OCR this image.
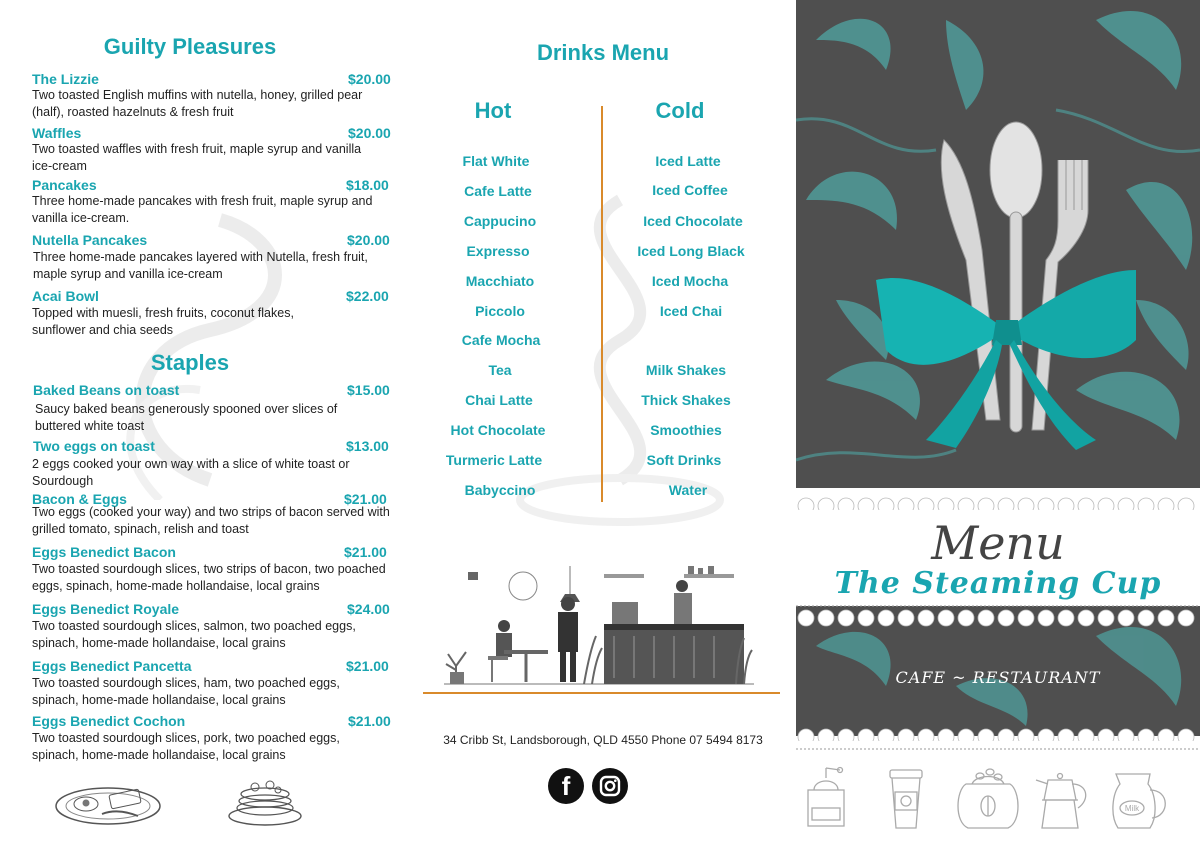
Guilty Pleasures
The Lizzie	$20.00
Two toasted English muffins with nutella, honey, grilled pear (half), roasted hazelnuts & fresh fruit
Waffles	$20.00
Two toasted waffles with fresh fruit, maple syrup and vanilla ice-cream
Pancakes	$18.00
Three home-made pancakes with fresh fruit, maple syrup and vanilla ice-cream.
Nutella Pancakes	$20.00
Three home-made pancakes layered with Nutella, fresh fruit, maple syrup and vanilla ice-cream
Acai Bowl	$22.00
Topped with muesli, fresh fruits, coconut flakes, sunflower and chia seeds
Staples
Baked Beans on toast	$15.00
Saucy baked beans generously spooned over slices of buttered white toast
Two eggs on toast	$13.00
2 eggs cooked your own way with a slice of white toast or Sourdough
Bacon & Eggs	$21.00
Two eggs (cooked your way) and two strips of bacon served with grilled tomato, spinach, relish and toast
Eggs Benedict Bacon	$21.00
Two toasted sourdough slices, two strips of bacon, two poached eggs, spinach, home-made hollandaise, local grains
Eggs Benedict Royale	$24.00
Two toasted sourdough slices, salmon, two poached eggs, spinach, home-made hollandaise, local grains
Eggs Benedict Pancetta	$21.00
Two toasted sourdough slices, ham, two poached eggs, spinach, home-made hollandaise, local grains
Eggs Benedict Cochon	$21.00
Two toasted sourdough slices, pork, two poached eggs, spinach, home-made hollandaise, local grains
Drinks Menu
Hot	Cold
Flat White
Cafe Latte
Cappucino
Expresso
Macchiato
Piccolo
Cafe Mocha
Tea
Chai Latte
Hot Chocolate
Turmeric Latte
Babyccino
Iced Latte
Iced Coffee
Iced Chocolate
Iced Long Black
Iced Mocha
Iced Chai
Milk Shakes
Thick Shakes
Smoothies
Soft Drinks
Water
34 Cribb St, Landsborough, QLD 4550 Phone 07 5494 8173
f
Menu
The Steaming Cup
CAFE ~ RESTAURANT
Milk
